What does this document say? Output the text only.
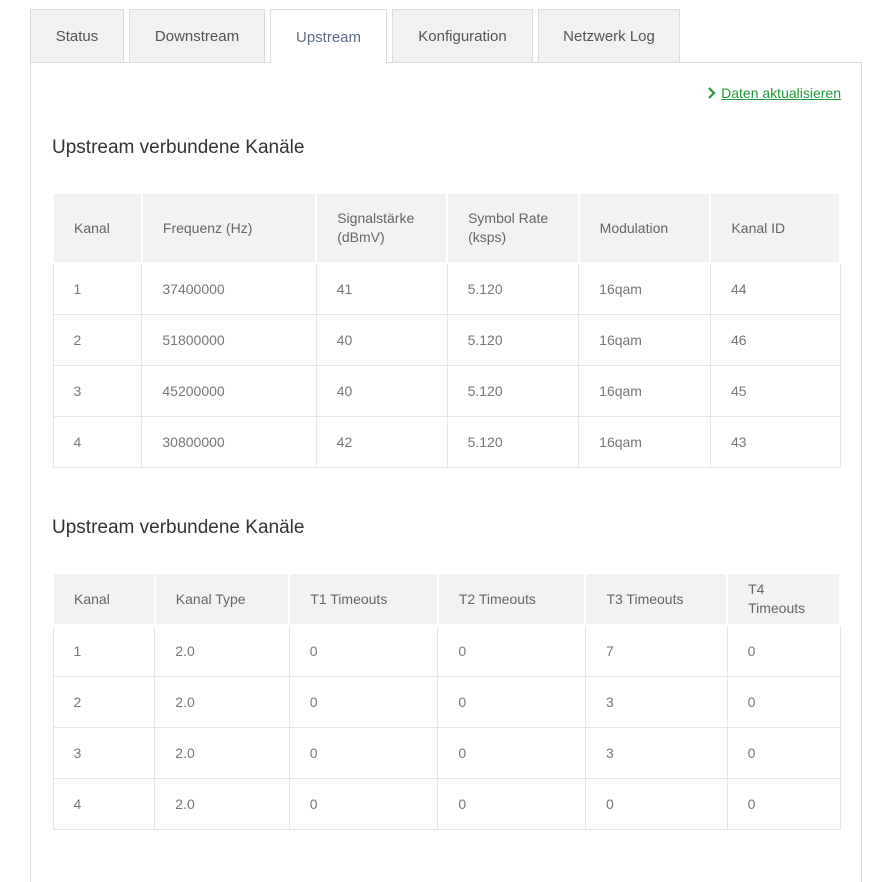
Status	Downstream	Upstream	Konfiguration	Netzwerk Log
Daten aktualisieren
Upstream verbundene Kanäle
Kanal	Frequenz (Hz)	Signalstärke (dBmV)	Symbol Rate (ksps)	Modulation	Kanal ID
1	37400000	41	5.120	16qam	44
2	51800000	40	5.120	16qam	46
3	45200000	40	5.120	16qam	45
4	30800000	42	5.120	16qam	43
Upstream verbundene Kanäle
Kanal	Kanal Type	T1 Timeouts	T2 Timeouts	T3 Timeouts	T4 Timeouts
1	2.0	0	0	7	0
2	2.0	0	0	3	0
3	2.0	0	0	3	0
4	2.0	0	0	0	0
